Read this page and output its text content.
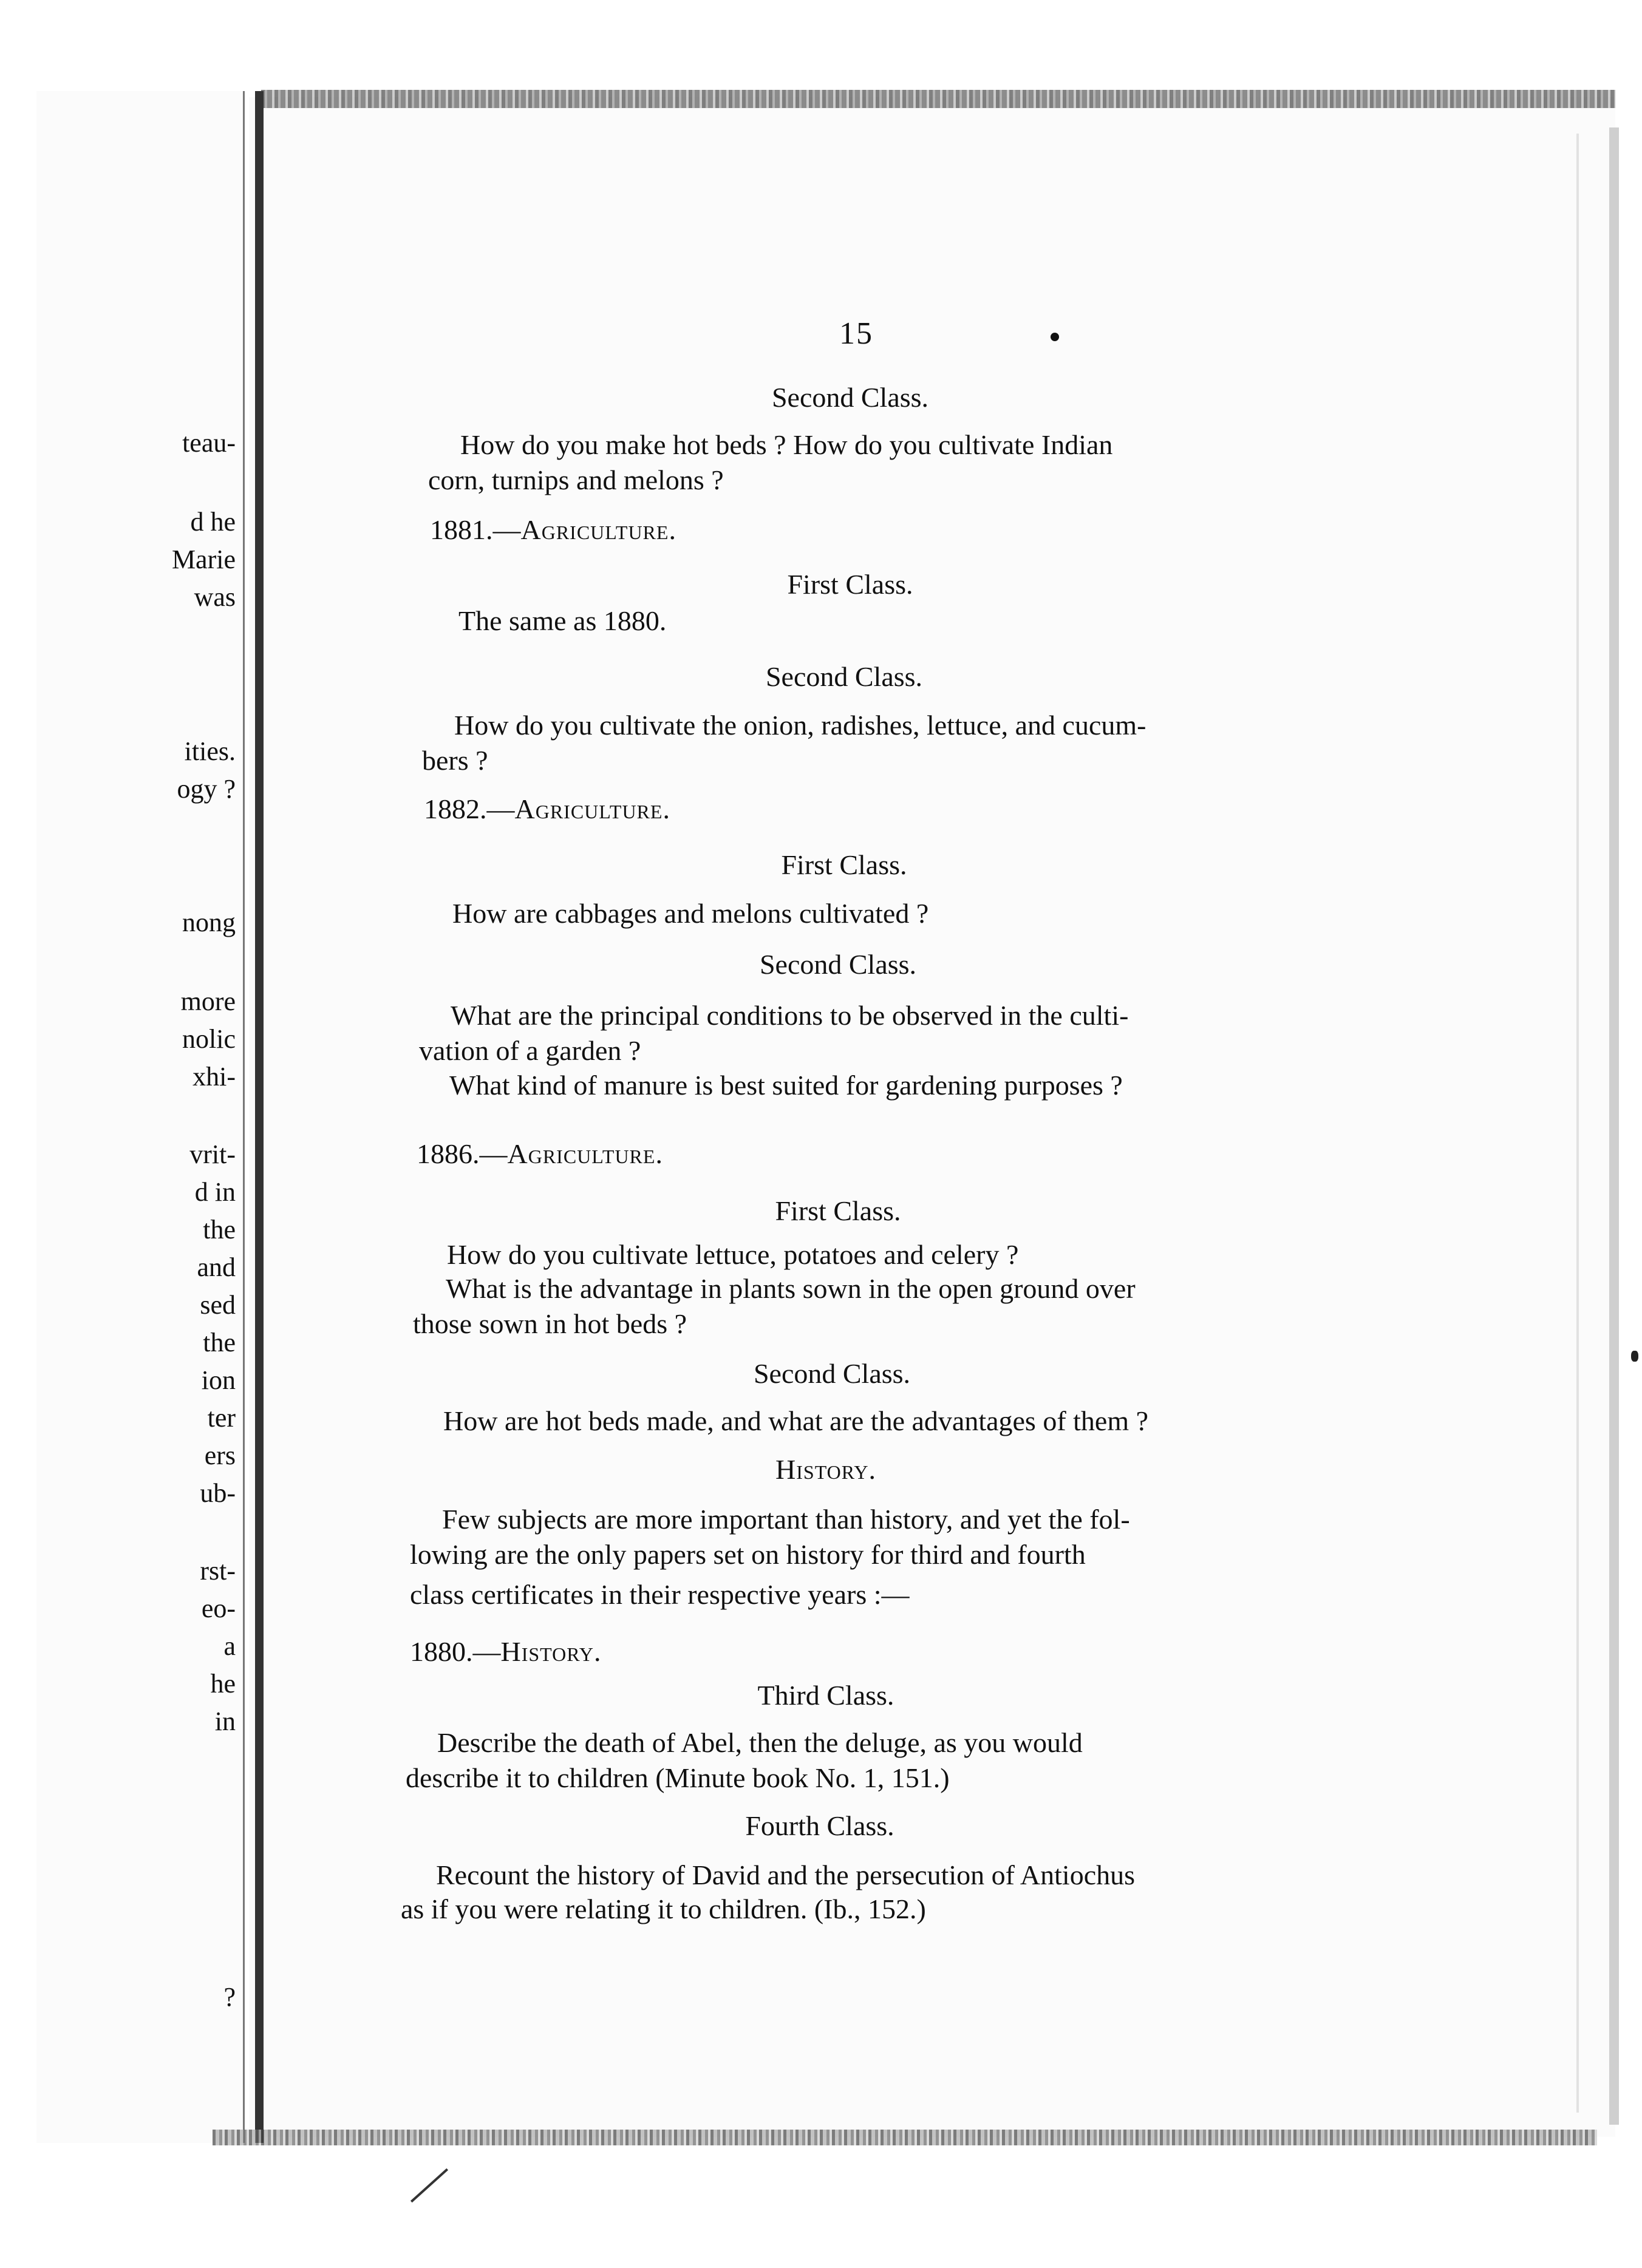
teau-
d he
Marie
was
ities.
ogy ?
nong
more
nolic
xhi-
vrit-
d in
the
and
sed
the
ion
ter
ers
ub-
rst-
eo-
a
he
in
?
15
Second Class.
How do you make hot beds ? How do you cultivate Indian
corn, turnips and melons ?
1881.—Agriculture.
First Class.
The same as 1880.
Second Class.
How do you cultivate the onion, radishes, lettuce, and cucum-
bers ?
1882.—Agriculture.
First Class.
How are cabbages and melons cultivated ?
Second Class.
What are the principal conditions to be observed in the culti-
vation of a garden ?
What kind of manure is best suited for gardening purposes ?
1886.—Agriculture.
First Class.
How do you cultivate lettuce, potatoes and celery ?
What is the advantage in plants sown in the open ground over
those sown in hot beds ?
Second Class.
How are hot beds made, and what are the advantages of them ?
History.
Few subjects are more important than history, and yet the fol-
lowing are the only papers set on history for third and fourth
class certificates in their respective years :—
1880.—History.
Third Class.
Describe the death of Abel, then the deluge, as you would
describe it to children (Minute book No. 1, 151.)
Fourth Class.
Recount the history of David and the persecution of Antiochus
as if you were relating it to children. (Ib., 152.)
